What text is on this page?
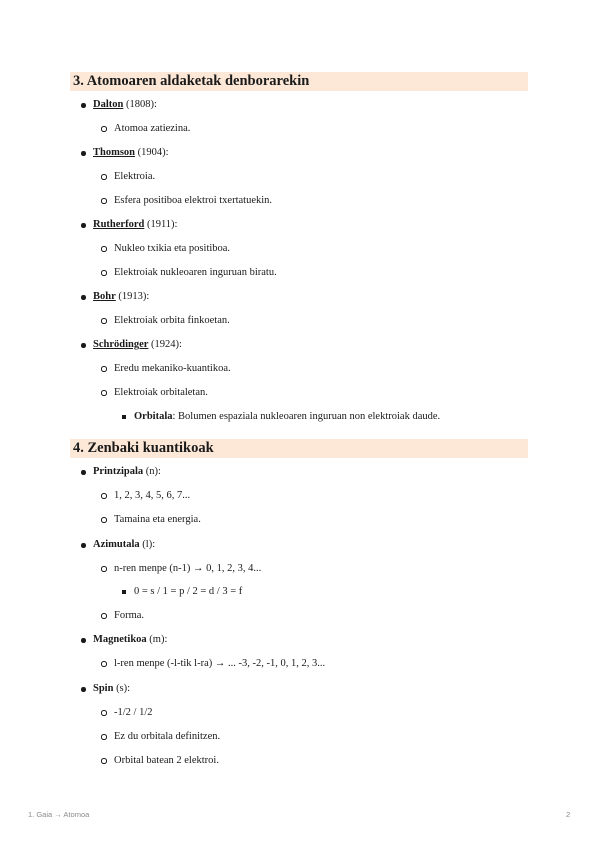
3. Atomoaren aldaketak denborarekin
Dalton (1808):
Atomoa zatiezina.
Thomson (1904):
Elektroia.
Esfera positiboa elektroi txertatuekin.
Rutherford (1911):
Nukleo txikia eta positiboa.
Elektroiak nukleoaren inguruan biratu.
Bohr (1913):
Elektroiak orbita finkoetan.
Schrödinger (1924):
Eredu mekaniko-kuantikoa.
Elektroiak orbitaletan.
Orbitala: Bolumen espaziala nukleoaren inguruan non elektroiak daude.
4. Zenbaki kuantikoak
Printzipala (n):
1, 2, 3, 4, 5, 6, 7...
Tamaina eta energia.
Azimutala (l):
n-ren menpe (n-1) → 0, 1, 2, 3, 4...
0 = s / 1 = p / 2 = d / 3 = f
Forma.
Magnetikoa (m):
l-ren menpe (-l-tik l-ra) → ... -3, -2, -1, 0, 1, 2, 3...
Spin (s):
-1/2 / 1/2
Ez du orbitala definitzen.
Orbital batean 2 elektroi.
1. Gaia → Atomoa	2
